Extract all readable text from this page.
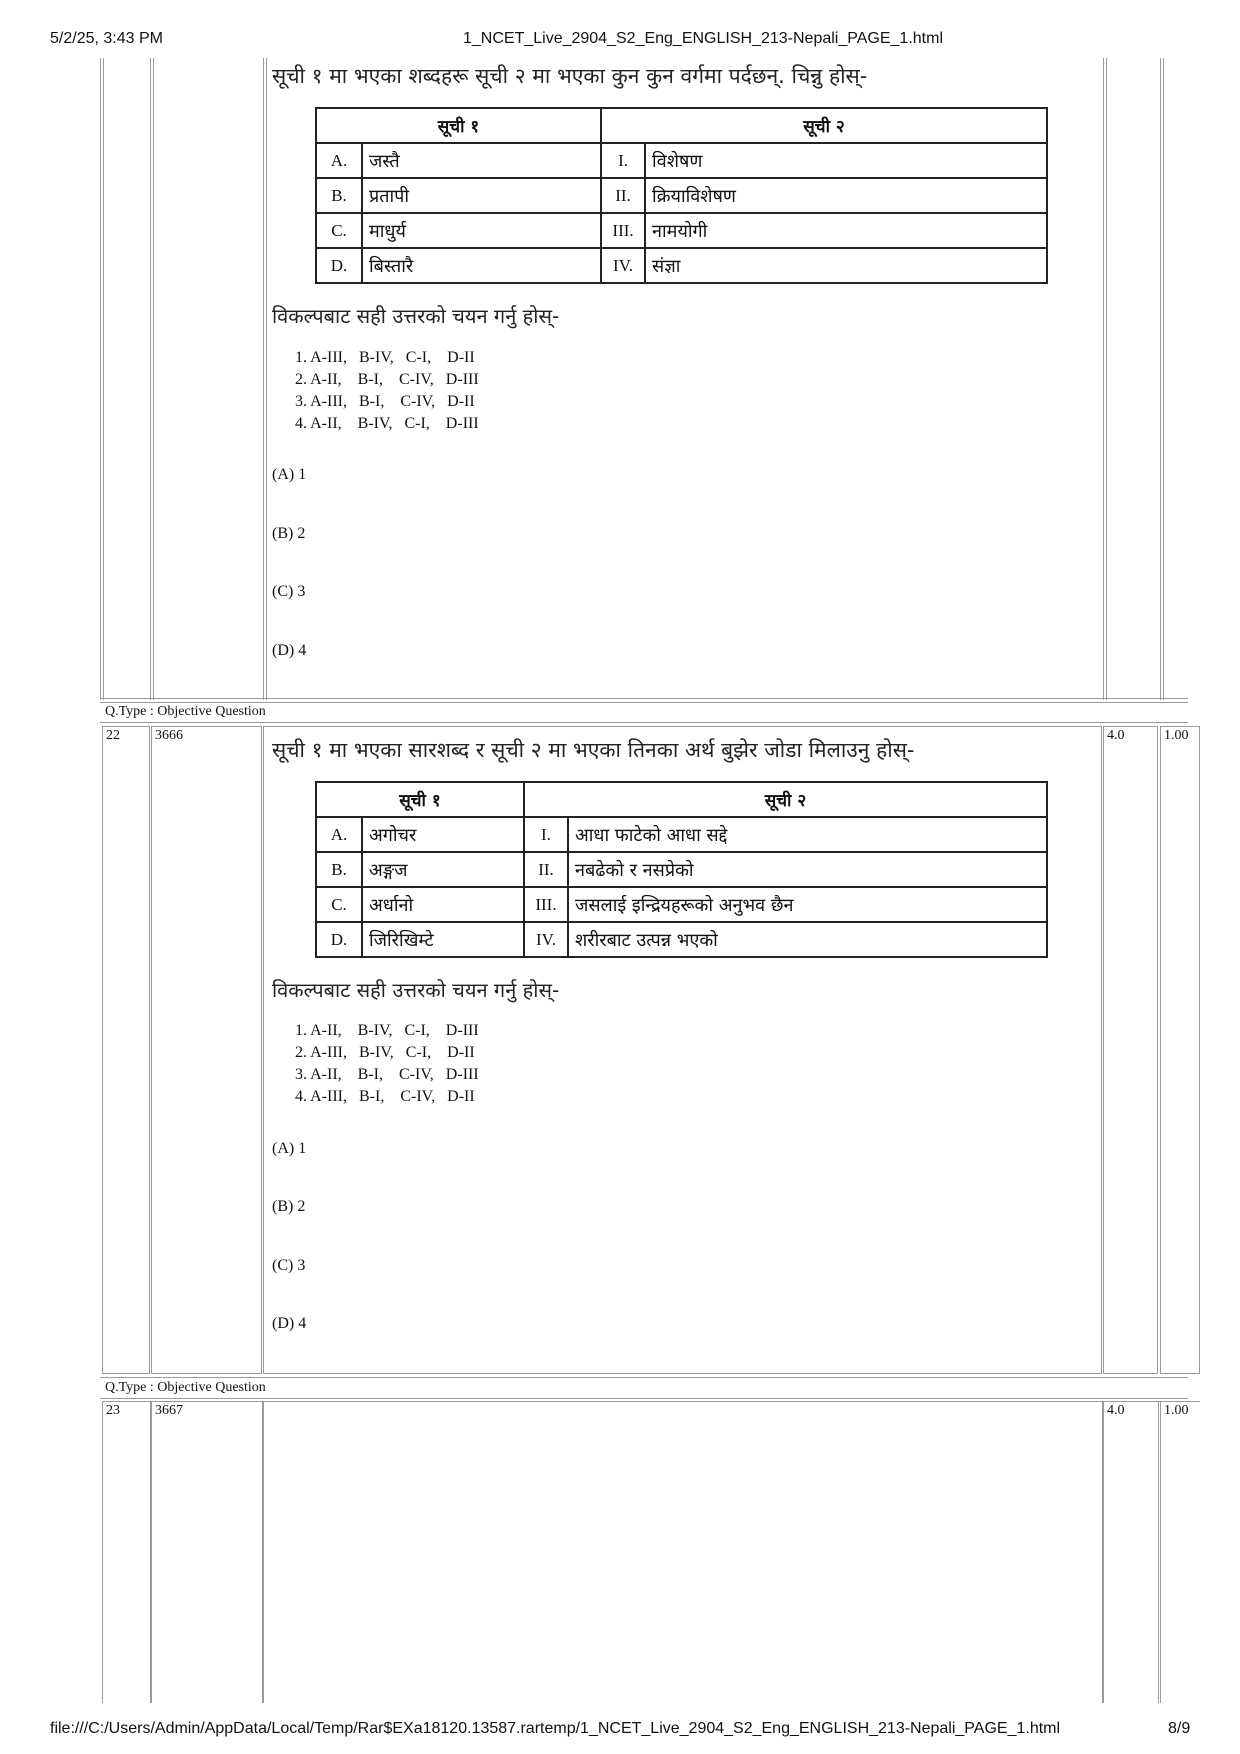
5/2/25, 3:43 PM	1_NCET_Live_2904_S2_Eng_ENGLISH_213-Nepali_PAGE_1.html
सूची १ मा भएका शब्दहरू सूची २ मा भएका कुन कुन वर्गमा पर्दछन्. चिन्नु होस्-
सूची १		सूची २	
A.	जस्तै	I.	विशेषण
B.	प्रतापी	II.	क्रियाविशेषण
C.	माधुर्य	III.	नामयोगी
D.	बिस्तारै	IV.	संज्ञा
विकल्पबाट सही उत्तरको चयन गर्नु होस्-
1. A-III,   B-IV,   C-I,    D-II
2. A-II,    B-I,    C-IV,   D-III
3. A-III,   B-I,    C-IV,   D-II
4. A-II,    B-IV,   C-I,    D-III
(A) 1
(B) 2
(C) 3
(D) 4
Q.Type : Objective Question
22	3666	4.0	1.00
सूची १ मा भएका सारशब्द र सूची २ मा भएका तिनका अर्थ बुझेर जोडा मिलाउनु होस्-
सूची १		सूची २	
A.	अगोचर	I.	आधा फाटेको आधा सद्दे
B.	अङ्गज	II.	नबढेको र नसप्रेको
C.	अर्धानो	III.	जसलाई इन्द्रियहरूको अनुभव छैन
D.	जिरिखिम्टे	IV.	शरीरबाट उत्पन्न भएको
विकल्पबाट सही उत्तरको चयन गर्नु होस्-
1. A-II,    B-IV,   C-I,    D-III
2. A-III,   B-IV,   C-I,    D-II
3. A-II,    B-I,    C-IV,   D-III
4. A-III,   B-I,    C-IV,   D-II
(A) 1
(B) 2
(C) 3
(D) 4
Q.Type : Objective Question
23	3667	4.0	1.00
file:///C:/Users/Admin/AppData/Local/Temp/Rar$EXa18120.13587.rartemp/1_NCET_Live_2904_S2_Eng_ENGLISH_213-Nepali_PAGE_1.html	8/9
